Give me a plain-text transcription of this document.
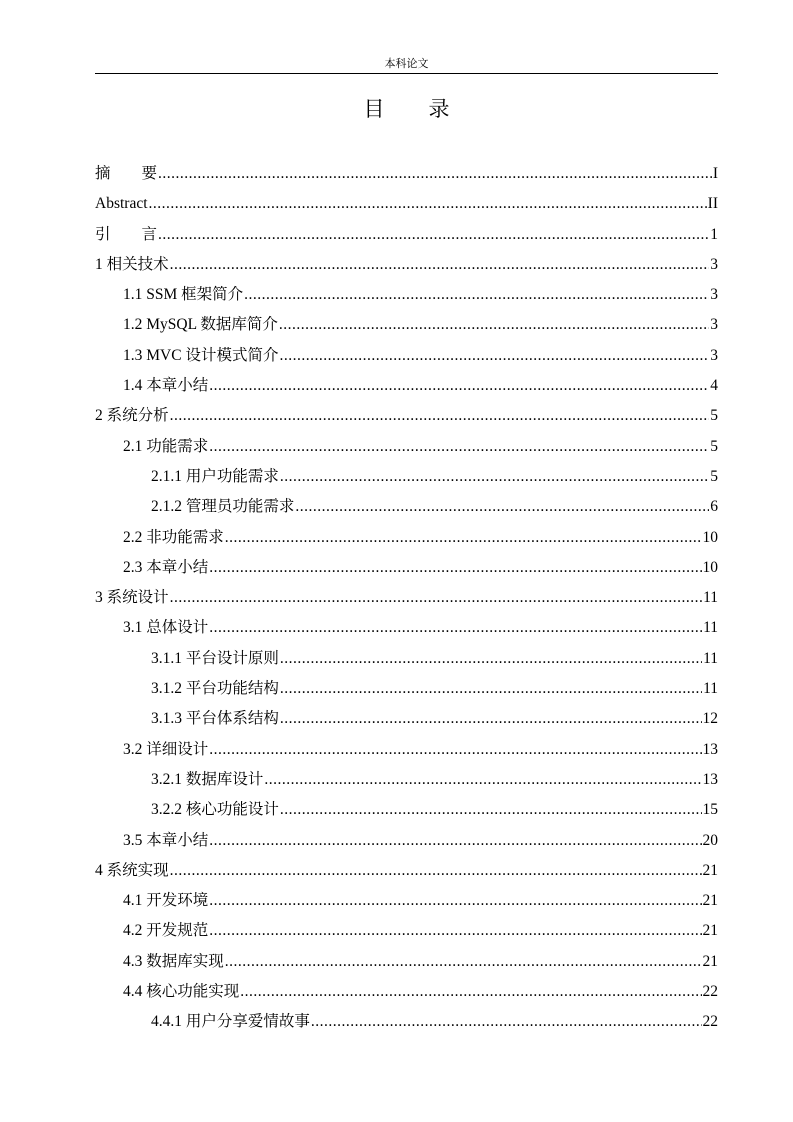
本科论文
目 录
摘　　要 .....	I
Abstract .....	II
引　　言 .....	1
1 相关技术 .....	3
1.1 SSM 框架简介 .....	3
1.2 MySQL 数据库简介 .....	3
1.3 MVC 设计模式简介 .....	3
1.4 本章小结 .....	4
2 系统分析 .....	5
2.1 功能需求 .....	5
2.1.1 用户功能需求 .....	5
2.1.2 管理员功能需求 .....	6
2.2 非功能需求 .....	10
2.3 本章小结 .....	10
3 系统设计 .....	11
3.1 总体设计 .....	11
3.1.1 平台设计原则 .....	11
3.1.2 平台功能结构 .....	11
3.1.3 平台体系结构 .....	12
3.2 详细设计 .....	13
3.2.1 数据库设计 .....	13
3.2.2 核心功能设计 .....	15
3.5 本章小结 .....	20
4 系统实现 .....	21
4.1 开发环境 .....	21
4.2 开发规范 .....	21
4.3 数据库实现 .....	21
4.4 核心功能实现 .....	22
4.4.1 用户分享爱情故事 .....	22
